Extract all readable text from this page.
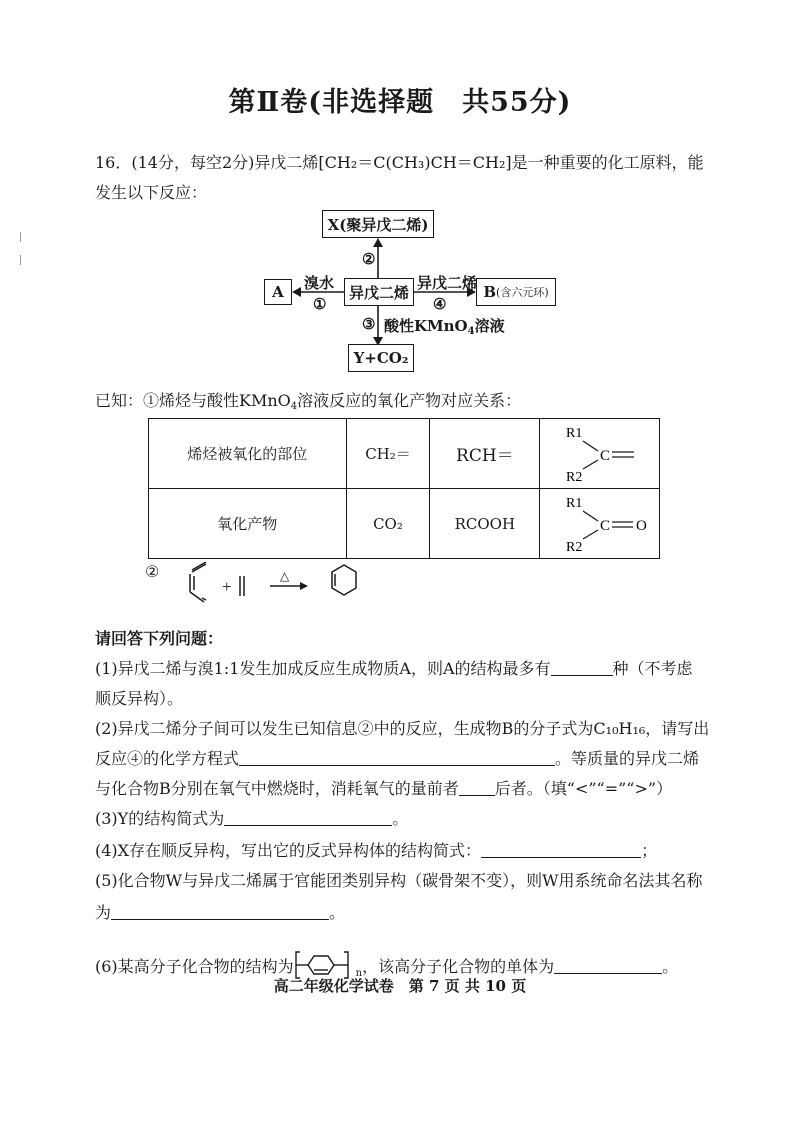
第Ⅱ卷(非选择题　共55分)
16．(14分，每空2分)异戊二烯[CH₂＝C(CH₃)CH＝CH₂]是一种重要的化工原料，能
发生以下反应：
X(聚异戊二烯)
异戊二烯
A	B (含六元环)
Y+CO₂
②
溴水
①
异戊二烯
④
③ 酸性KMnO$_4$溶液
已知：①烯烃与酸性KMnO$_4$溶液反应的氧化产物对应关系：
烯烃被氧化的部位	CH₂＝	RCH＝	R1
R2
C

氧化产物	CO₂	RCOOH	R1
R2
C O
②
+
△
请回答下列问题：
(1)异戊二烯与溴1:1发生加成反应生成物质A，则A的结构最多有	种（不考虑
顺反异构）。
(2)异戊二烯分子间可以发生已知信息②中的反应，生成物B的分子式为C₁₀H₁₆，请写出
反应④的化学方程式	。等质量的异戊二烯
与化合物B分别在氧气中燃烧时，消耗氧气的量前者 后者。（填“<”“=”“>”）
(3)Y的结构简式为	。
(4)X存在顺反异构，写出它的反式异构体的结构简式：	；
(5)化合物W与异戊二烯属于官能团类别异构（碳骨架不变），则W用系统命名法其名称
为	。
(6)某高分子化合物的结构为	$_n$，该高分子化合物的单体为	。
高二年级化学试卷　第 7 页 共 10 页
